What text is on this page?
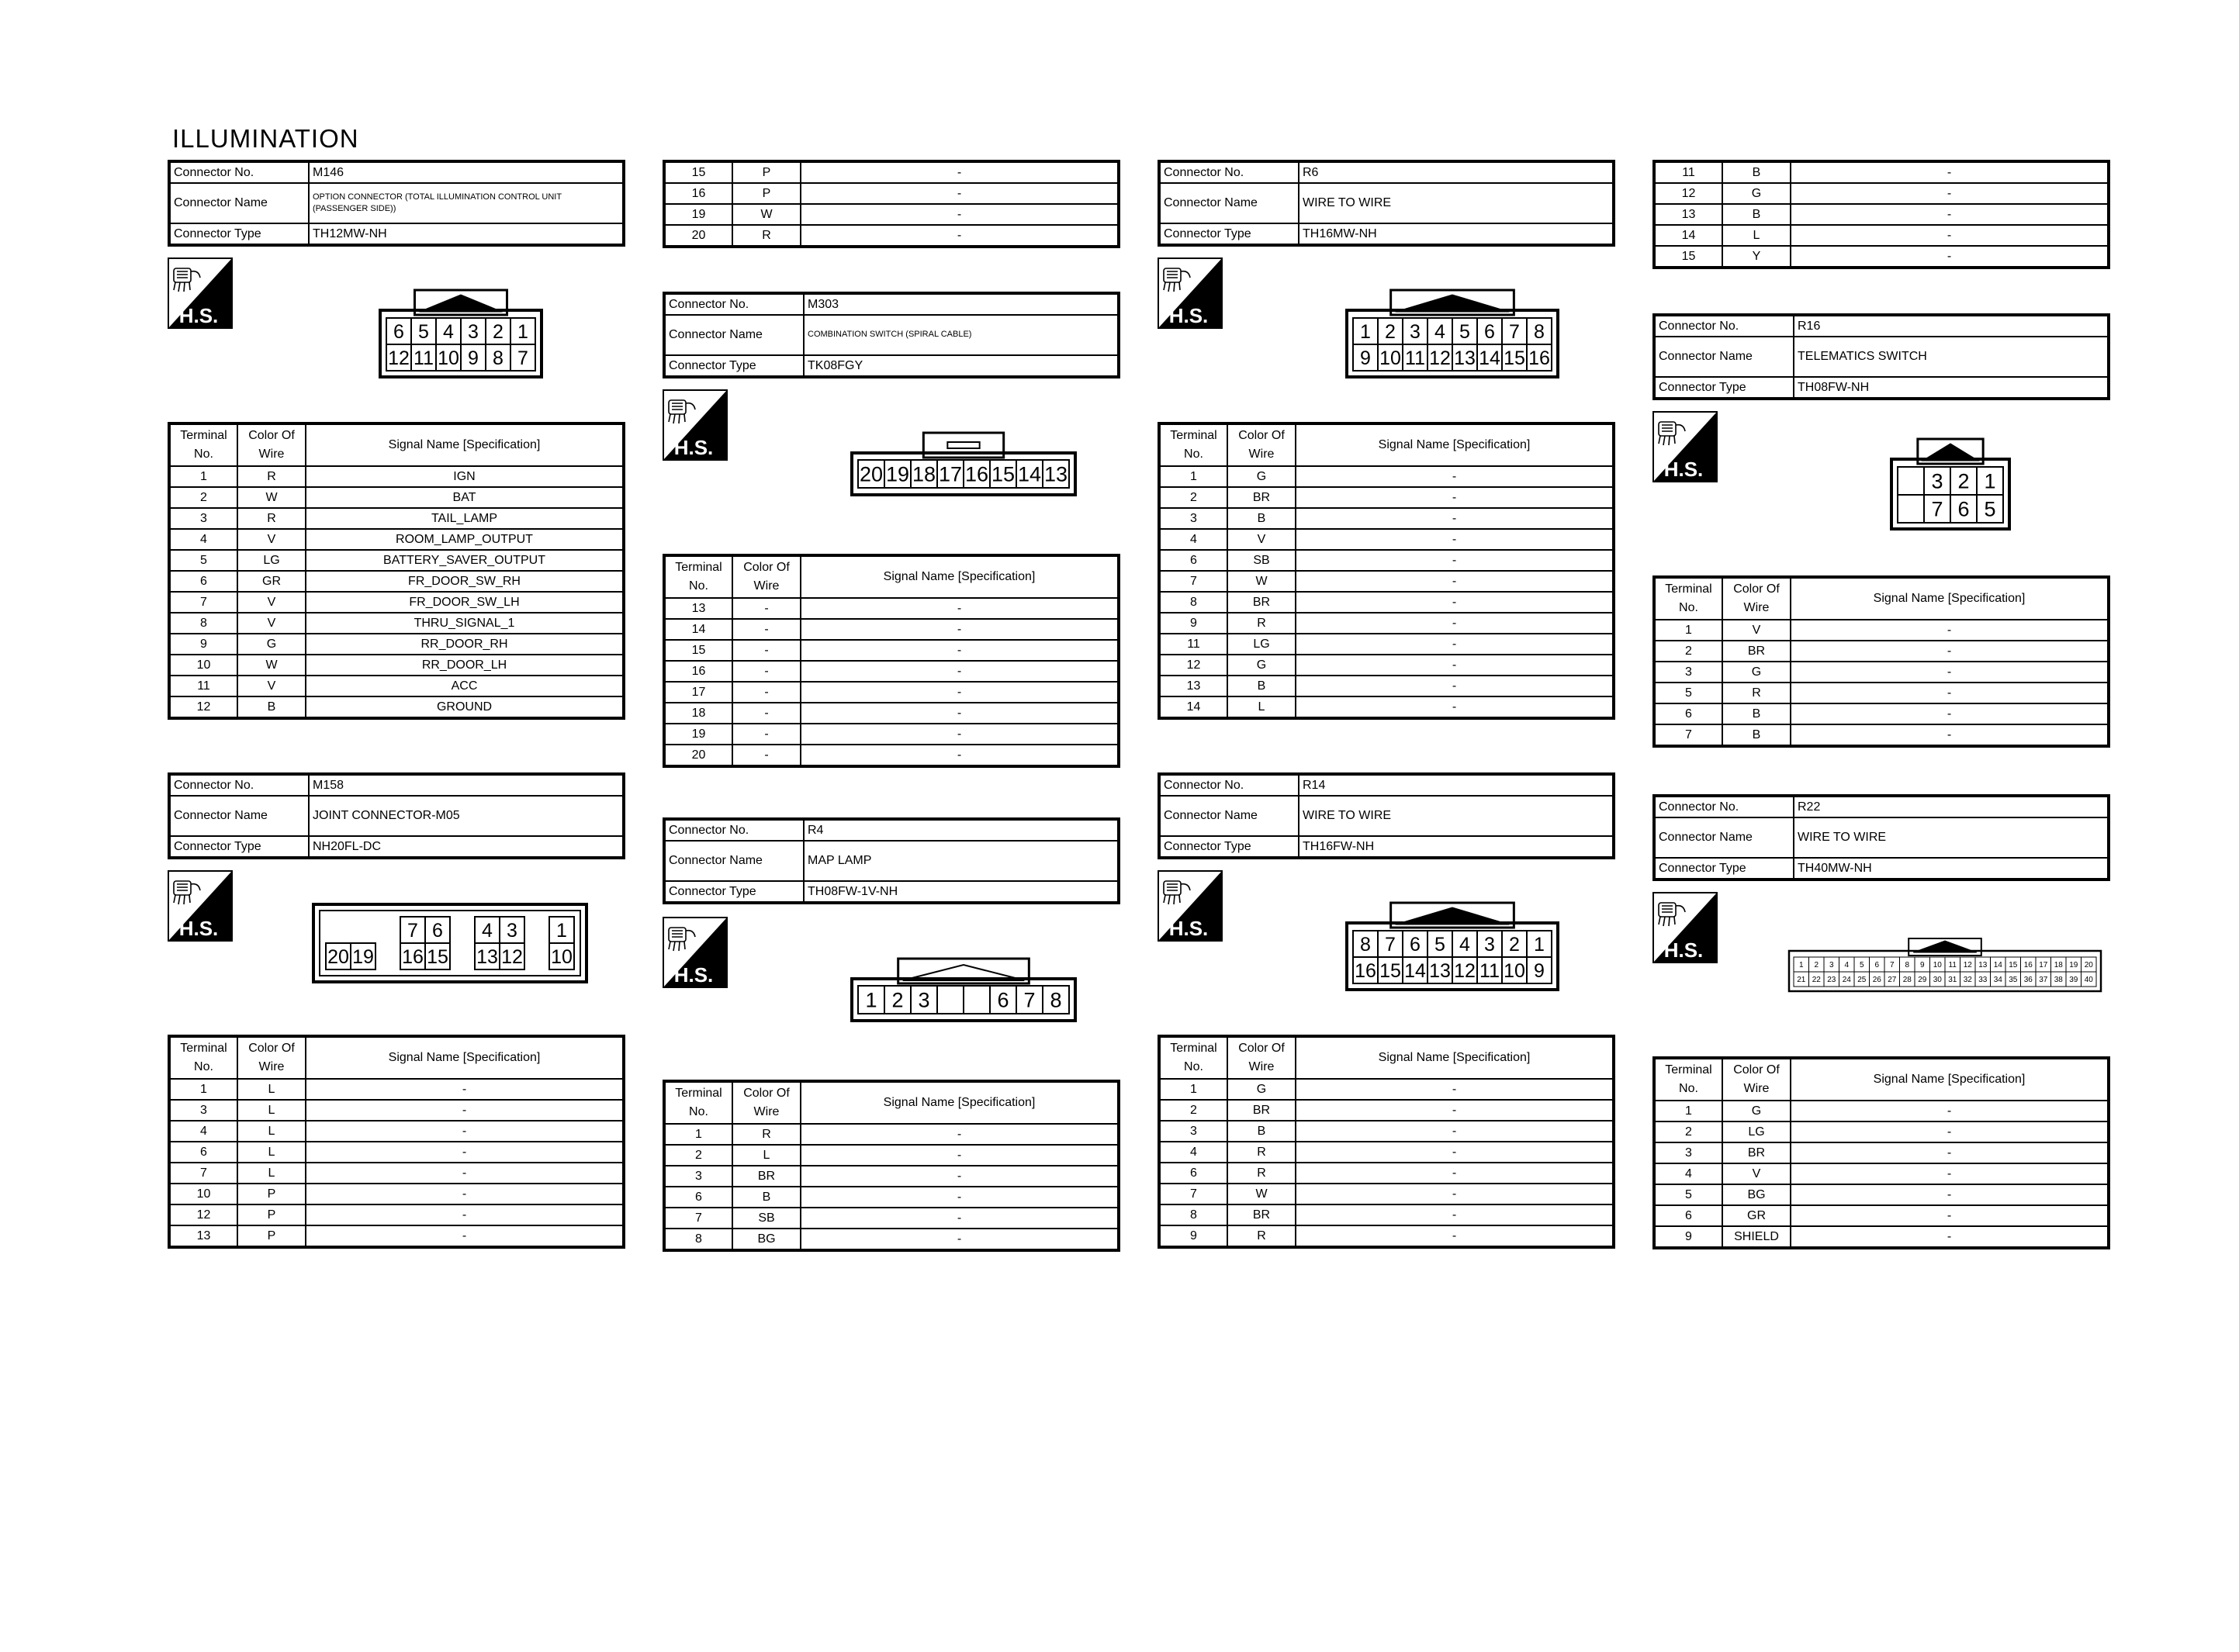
ILLUMINATION
Connector No.	M146
Connector Name	OPTION CONNECTOR (TOTAL ILLUMINATION CONTROL UNIT (PASSENGER SIDE))
Connector Type	TH12MW-NH
H.S.
6 5 4 3 2 1
12 11 10 9 8 7
Terminal No.	Color Of Wire	Signal Name [Specification]
1	R	IGN
2	W	BAT
3	R	TAIL_LAMP
4	V	ROOM_LAMP_OUTPUT
5	LG	BATTERY_SAVER_OUTPUT
6	GR	FR_DOOR_SW_RH
7	V	FR_DOOR_SW_LH
8	V	THRU_SIGNAL_1
9	G	RR_DOOR_RH
10	W	RR_DOOR_LH
11	V	ACC
12	B	GROUND
Connector No.	M158
Connector Name	JOINT CONNECTOR-M05
Connector Type	NH20FL-DC
H.S.	7 6 4 3 1
20 19 16 15 13 12 10
Terminal No.	Color Of Wire	Signal Name [Specification]
1	L	-
3	L	-
4	L	-
6	L	-
7	L	-
10	P	-
12	P	-
13	P	-
15	P	-
16	P	-
19	W	-
20	R	-
Connector No.	M303
Connector Name	COMBINATION SWITCH (SPIRAL CABLE)
Connector Type	TK08FGY
H.S.
20 19 18 17 16 15 14 13
Terminal No.	Color Of Wire	Signal Name [Specification]
13	-	-
14	-	-
15	-	-
16	-	-
17	-	-
18	-	-
19	-	-
20	-	-
Connector No.	R4
Connector Name	MAP LAMP
Connector Type	TH08FW-1V-NH
H.S.
1 2 3	6 7 8
Terminal No.	Color Of Wire	Signal Name [Specification]
1	R	-
2	L	-
3	BR	-
6	B	-
7	SB	-
8	BG	-
Connector No.	R6
Connector Name	WIRE TO WIRE
Connector Type	TH16MW-NH
H.S.
1 2 3 4 5 6 7 8
9 10 11 12 13 14 15 16
Terminal No.	Color Of Wire	Signal Name [Specification]
1	G	-
2	BR	-
3	B	-
4	V	-
6	SB	-
7	W	-
8	BR	-
9	R	-
11	LG	-
12	G	-
13	B	-
14	L	-
Connector No.	R14
Connector Name	WIRE TO WIRE
Connector Type	TH16FW-NH
H.S.
8 7 6 5 4 3 2 1
16 15 14 13 12 11 10 9
Terminal No.	Color Of Wire	Signal Name [Specification]
1	G	-
2	BR	-
3	B	-
4	R	-
6	R	-
7	W	-
8	BR	-
9	R	-
11	B	-
12	G	-
13	B	-
14	L	-
15	Y	-
Connector No.	R16
Connector Name	TELEMATICS SWITCH
Connector Type	TH08FW-NH
H.S.
3 2 1
7 6 5
Terminal No.	Color Of Wire	Signal Name [Specification]
1	V	-
2	BR	-
3	G	-
5	R	-
6	B	-
7	B	-
Connector No.	R22
Connector Name	WIRE TO WIRE
Connector Type	TH40MW-NH
H.S.
1 2 3 4 5 6 7 8 9 10 11 12 13 14 15 16 17 18 19 20
21 22 23 24 25 26 27 28 29 30 31 32 33 34 35 36 37 38 39 40
Terminal No.	Color Of Wire	Signal Name [Specification]
1	G	-
2	LG	-
3	BR	-
4	V	-
5	BG	-
6	GR	-
9	SHIELD	-
